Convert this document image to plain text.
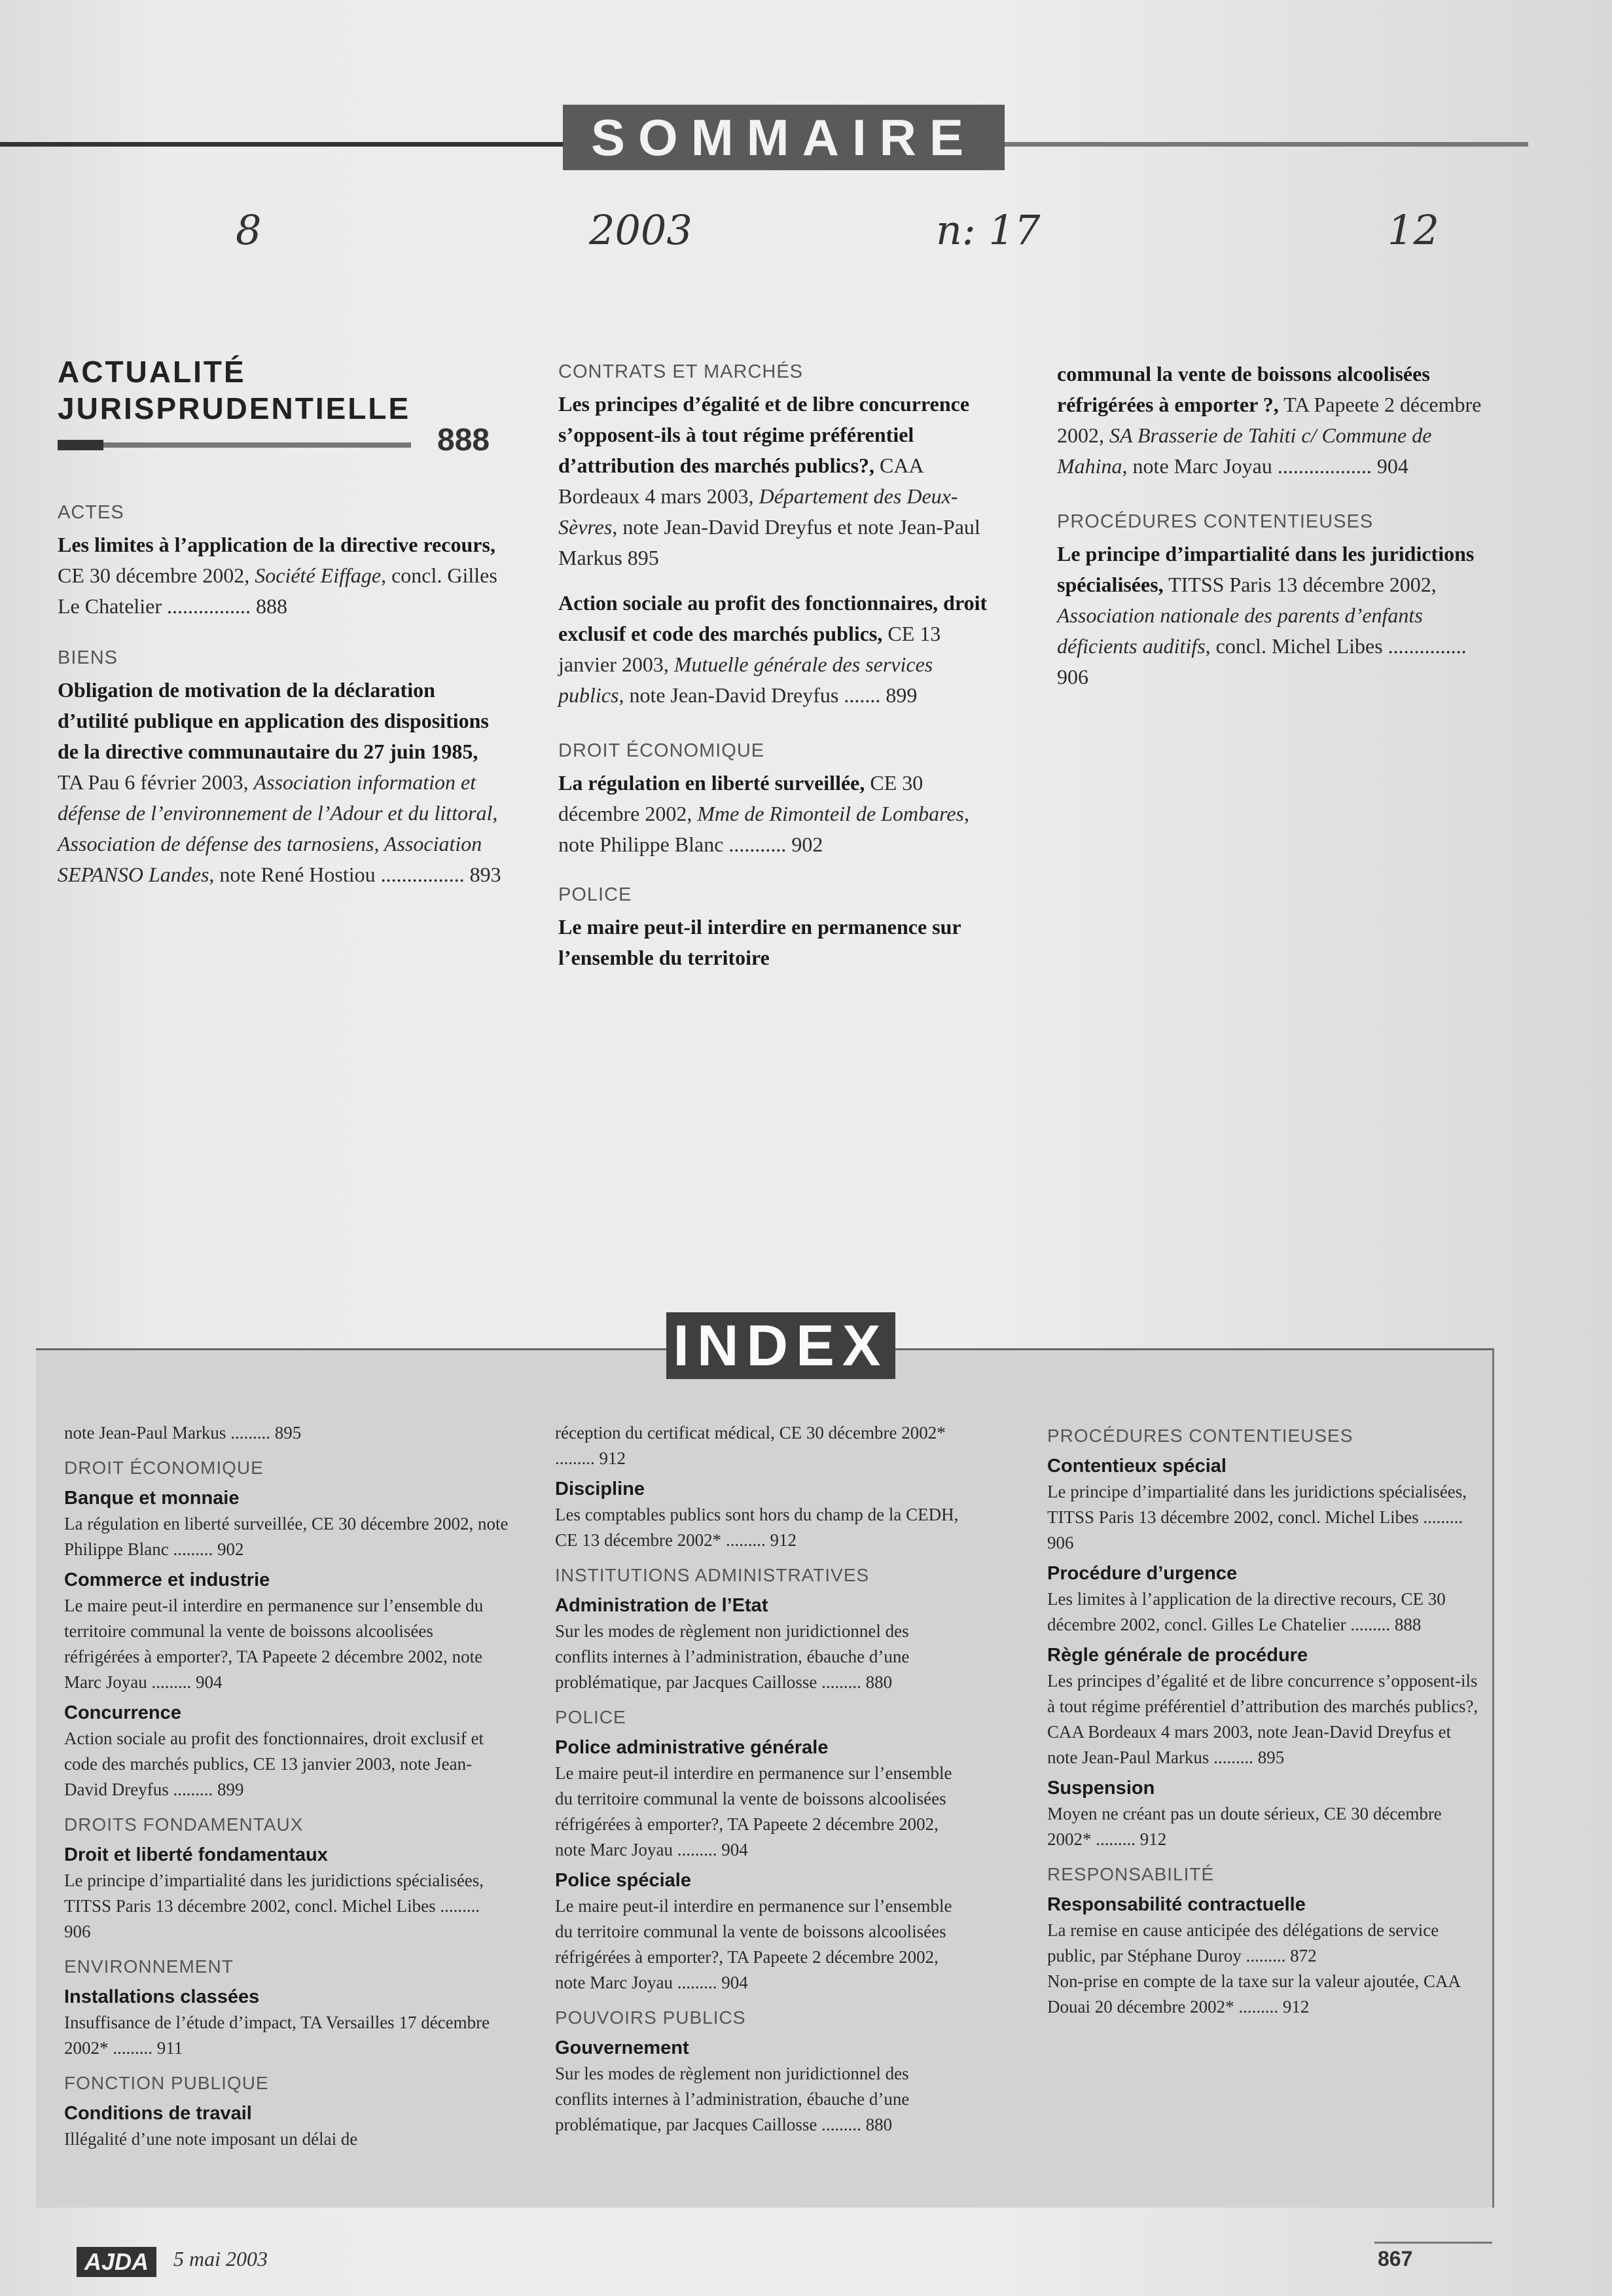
SOMMAIRE
8	2003	n: 17	12
ACTUALITÉ
JURISPRUDENTIELLE
888
ACTES

Les limites à l’application de la directive recours, CE 30 décembre 2002, Société Eiffage, concl. Gilles Le Chatelier ................ 888

BIENS

Obligation de motivation de la déclaration d’utilité publique en application des dispositions de la directive communautaire du 27 juin 1985, TA Pau 6 février 2003, Association information et défense de l’environnement de l’Adour et du littoral, Association de défense des tarnosiens, Association SEPANSO Landes, note René Hostiou ................ 893

CONTRATS ET MARCHÉS

Les principes d’égalité et de libre concurrence s’opposent-ils à tout régime préférentiel d’attribution des marchés publics?, CAA Bordeaux 4 mars 2003, Département des Deux-Sèvres, note Jean-David Dreyfus et note Jean-Paul Markus 895

Action sociale au profit des fonctionnaires, droit exclusif et code des marchés publics, CE 13 janvier 2003, Mutuelle générale des services publics, note Jean-David Dreyfus ....... 899

DROIT ÉCONOMIQUE

La régulation en liberté surveillée, CE 30 décembre 2002, Mme de Rimonteil de Lombares, note Philippe Blanc ........... 902

POLICE

Le maire peut-il interdire en permanence sur l’ensemble du territoire

communal la vente de boissons alcoolisées réfrigérées à emporter ?, TA Papeete 2 décembre 2002, SA Brasserie de Tahiti c/ Commune de Mahina, note Marc Joyau .................. 904

PROCÉDURES CONTENTIEUSES

Le principe d’impartialité dans les juridictions spécialisées, TITSS Paris 13 décembre 2002, Association nationale des parents d’enfants déficients auditifs, concl. Michel Libes ............... 906

INDEX
note Jean-Paul Markus ......... 895
DROIT ÉCONOMIQUE
Banque et monnaie
La régulation en liberté surveillée, CE 30 décembre 2002, note Philippe Blanc ......... 902
Commerce et industrie
Le maire peut-il interdire en permanence sur l’ensemble du territoire communal la vente de boissons alcoolisées réfrigérées à emporter?, TA Papeete 2 décembre 2002, note Marc Joyau ......... 904
Concurrence
Action sociale au profit des fonctionnaires, droit exclusif et code des marchés publics, CE 13 janvier 2003, note Jean-David Dreyfus ......... 899
DROITS FONDAMENTAUX
Droit et liberté fondamentaux
Le principe d’impartialité dans les juridictions spécialisées, TITSS Paris 13 décembre 2002, concl. Michel Libes ......... 906
ENVIRONNEMENT
Installations classées
Insuffisance de l’étude d’impact, TA Versailles 17 décembre 2002* ......... 911
FONCTION PUBLIQUE
Conditions de travail
Illégalité d’une note imposant un délai de
réception du certificat médical, CE 30 décembre 2002* ......... 912
Discipline
Les comptables publics sont hors du champ de la CEDH, CE 13 décembre 2002* ......... 912
INSTITUTIONS ADMINISTRATIVES
Administration de l’Etat
Sur les modes de règlement non juridictionnel des conflits internes à l’administration, ébauche d’une problématique, par Jacques Caillosse ......... 880
POLICE
Police administrative générale
Le maire peut-il interdire en permanence sur l’ensemble du territoire communal la vente de boissons alcoolisées réfrigérées à emporter?, TA Papeete 2 décembre 2002, note Marc Joyau ......... 904
Police spéciale
Le maire peut-il interdire en permanence sur l’ensemble du territoire communal la vente de boissons alcoolisées réfrigérées à emporter?, TA Papeete 2 décembre 2002, note Marc Joyau ......... 904
POUVOIRS PUBLICS
Gouvernement
Sur les modes de règlement non juridictionnel des conflits internes à l’administration, ébauche d’une problématique, par Jacques Caillosse ......... 880
PROCÉDURES CONTENTIEUSES
Contentieux spécial
Le principe d’impartialité dans les juridictions spécialisées, TITSS Paris 13 décembre 2002, concl. Michel Libes ......... 906
Procédure d’urgence
Les limites à l’application de la directive recours, CE 30 décembre 2002, concl. Gilles Le Chatelier ......... 888
Règle générale de procédure
Les principes d’égalité et de libre concurrence s’opposent-ils à tout régime préférentiel d’attribution des marchés publics?, CAA Bordeaux 4 mars 2003, note Jean-David Dreyfus et note Jean-Paul Markus ......... 895
Suspension
Moyen ne créant pas un doute sérieux, CE 30 décembre 2002* ......... 912
RESPONSABILITÉ
Responsabilité contractuelle
La remise en cause anticipée des délégations de service public, par Stéphane Duroy ......... 872
Non-prise en compte de la taxe sur la valeur ajoutée, CAA Douai 20 décembre 2002* ......... 912
AJDA	5 mai 2003	867
